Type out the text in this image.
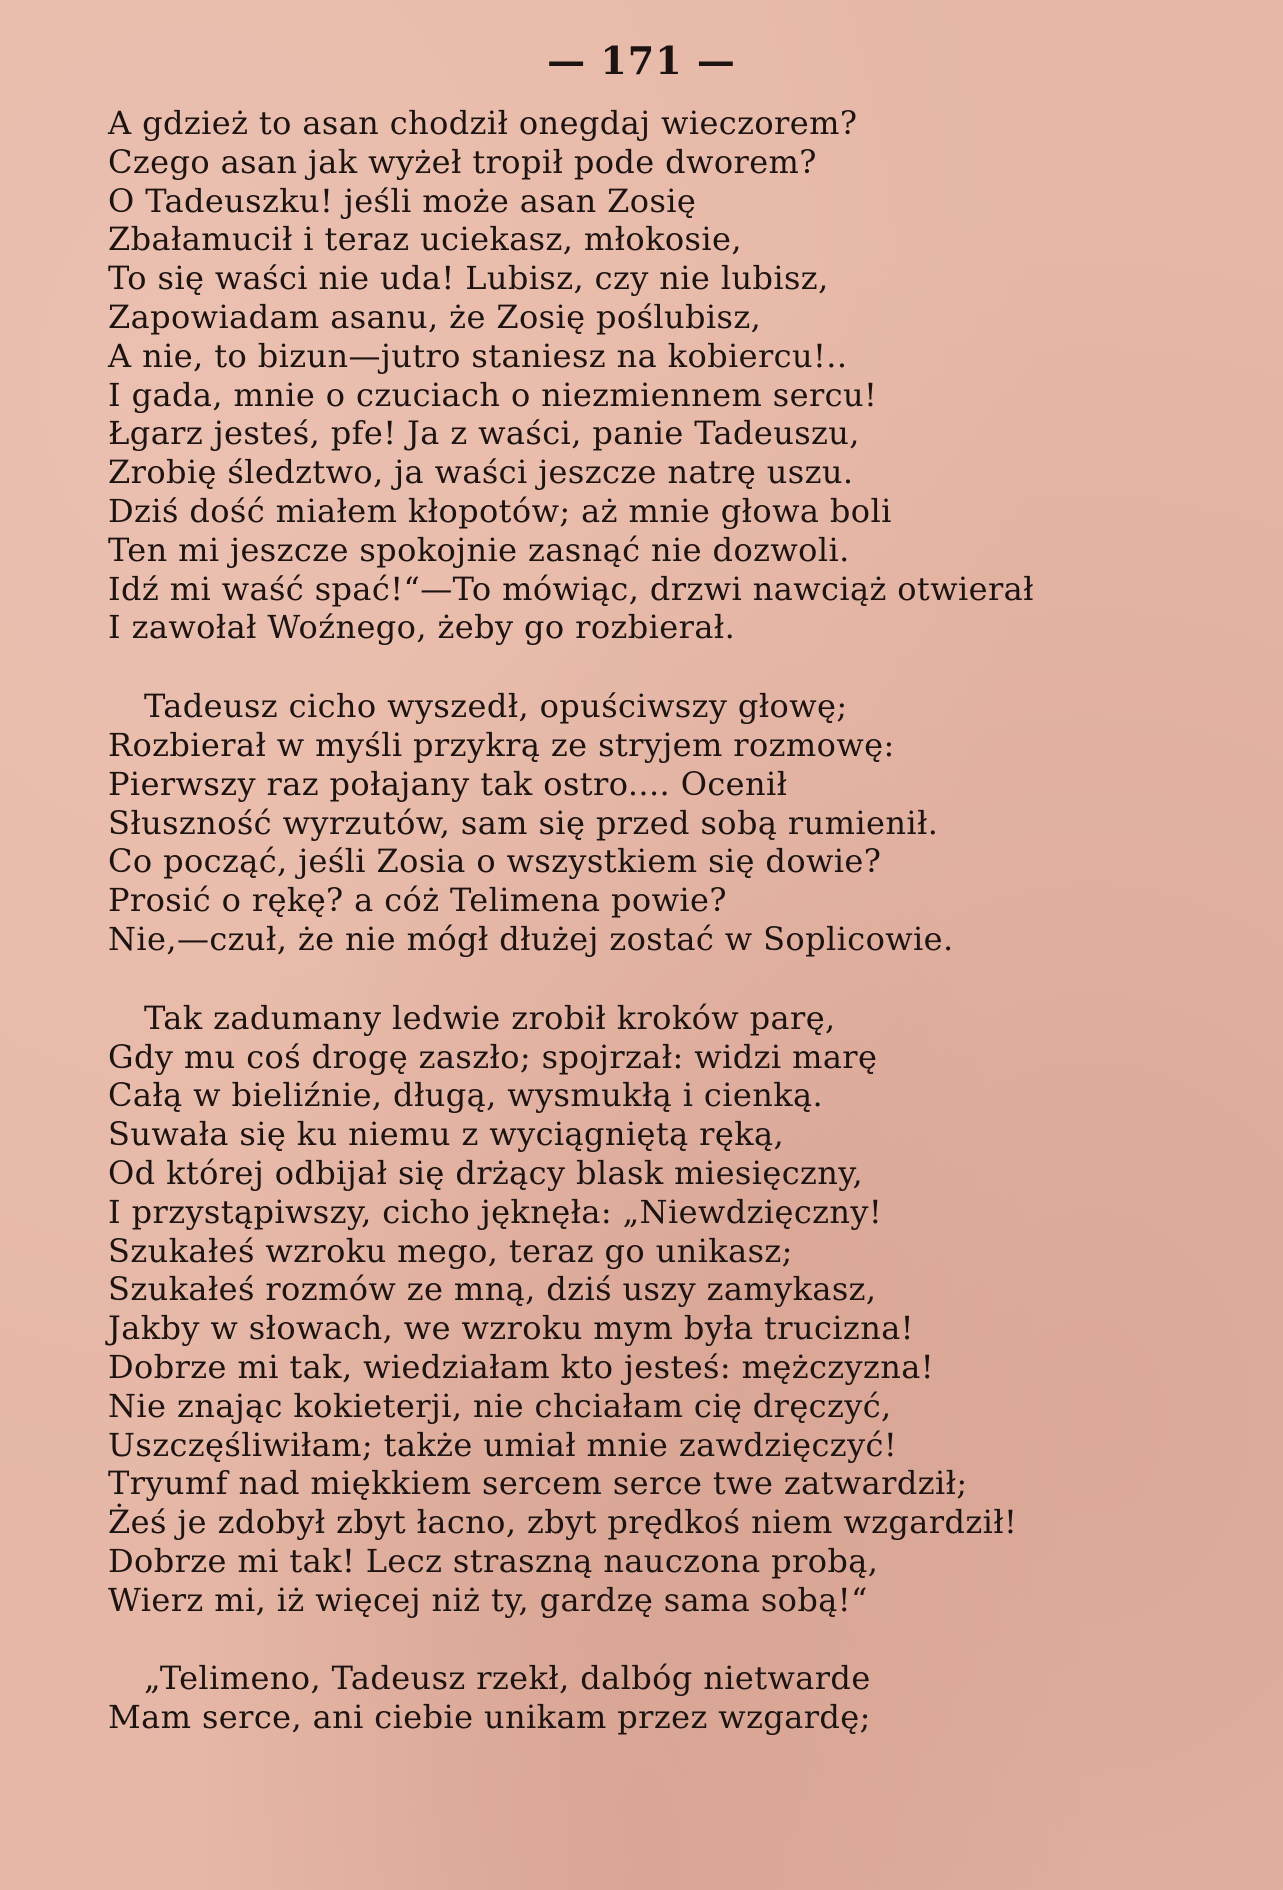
— 171 —
A gdzież to asan chodził onegdaj wieczorem?
Czego asan jak wyżeł tropił pode dworem?
O Tadeuszku! jeśli może asan Zosię
Zbałamucił i teraz uciekasz, młokosie,
To się waści nie uda! Lubisz, czy nie lubisz,
Zapowiadam asanu, że Zosię poślubisz,
A nie, to bizun—jutro staniesz na kobiercu!..
I gada, mnie o czuciach o niezmiennem sercu!
Łgarz jesteś, pfe! Ja z waści, panie Tadeuszu,
Zrobię śledztwo, ja waści jeszcze natrę uszu.
Dziś dość miałem kłopotów; aż mnie głowa boli
Ten mi jeszcze spokojnie zasnąć nie dozwoli.
Idź mi waść spać!“—To mówiąc, drzwi nawciąż otwierał
I zawołał Woźnego, żeby go rozbierał.
Tadeusz cicho wyszedł, opuściwszy głowę;
Rozbierał w myśli przykrą ze stryjem rozmowę:
Pierwszy raz połajany tak ostro.... Ocenił
Słuszność wyrzutów, sam się przed sobą rumienił.
Co począć, jeśli Zosia o wszystkiem się dowie?
Prosić o rękę? a cóż Telimena powie?
Nie,—czuł, że nie mógł dłużej zostać w Soplicowie.
Tak zadumany ledwie zrobił kroków parę,
Gdy mu coś drogę zaszło; spojrzał: widzi marę
Całą w bieliźnie, długą, wysmukłą i cienką.
Suwała się ku niemu z wyciągniętą ręką,
Od której odbijał się drżący blask miesięczny,
I przystąpiwszy, cicho jęknęła: „Niewdzięczny!
Szukałeś wzroku mego, teraz go unikasz;
Szukałeś rozmów ze mną, dziś uszy zamykasz,
Jakby w słowach, we wzroku mym była trucizna!
Dobrze mi tak, wiedziałam kto jesteś: mężczyzna!
Nie znając kokieterji, nie chciałam cię dręczyć,
Uszczęśliwiłam; także umiał mnie zawdzięczyć!
Tryumf nad miękkiem sercem serce twe zatwardził;
Żeś je zdobył zbyt łacno, zbyt prędkoś niem wzgardził!
Dobrze mi tak! Lecz straszną nauczona probą,
Wierz mi, iż więcej niż ty, gardzę sama sobą!“
„Telimeno, Tadeusz rzekł, dalbóg nietwarde
Mam serce, ani ciebie unikam przez wzgardę;
